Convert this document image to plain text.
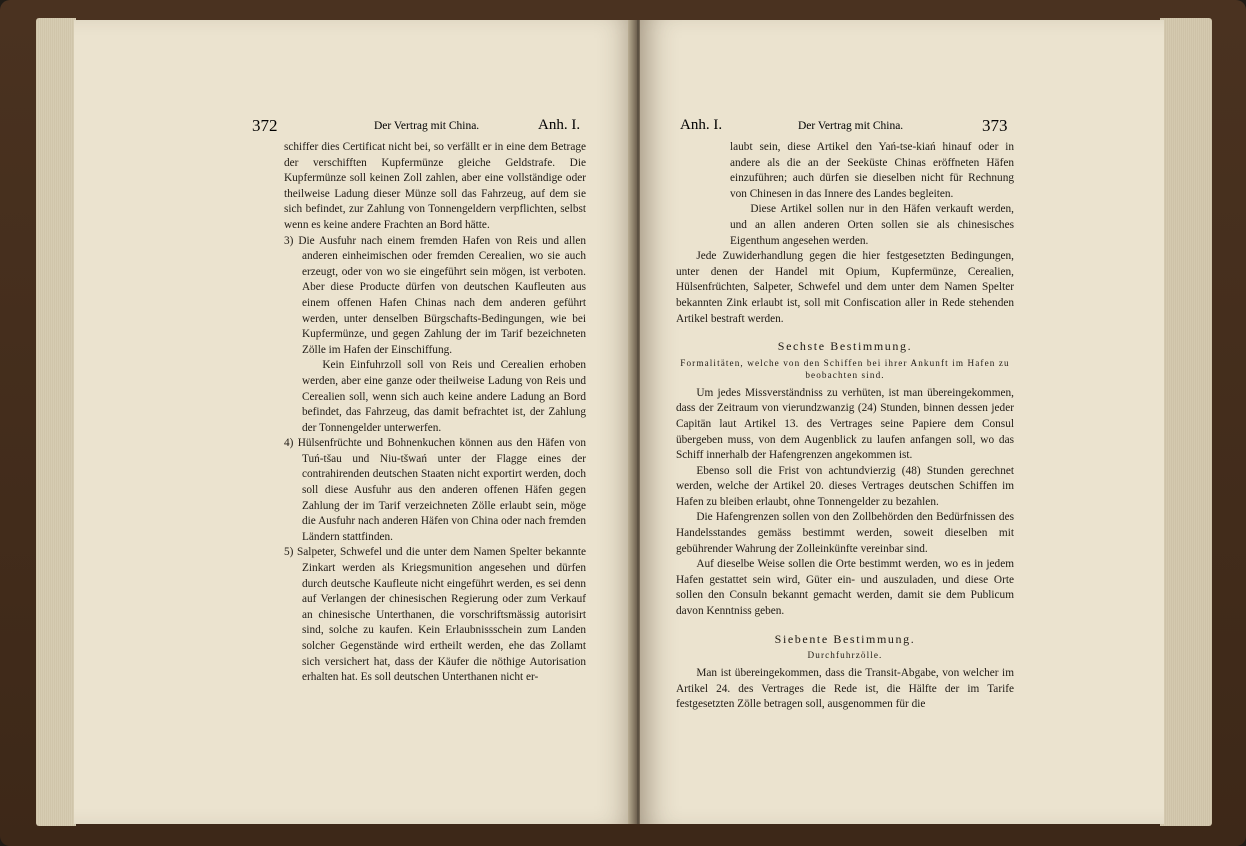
372	Der Vertrag mit China.	Anh. I.

schiffer dies Certificat nicht bei, so verfällt er in eine dem Betrage der verschifften Kupfermünze gleiche Geldstrafe. Die Kupfermünze soll keinen Zoll zahlen, aber eine vollständige oder theilweise Ladung dieser Münze soll das Fahrzeug, auf dem sie sich befindet, zur Zahlung von Tonnengeldern verpflichten, selbst wenn es keine andere Frachten an Bord hätte.

3) Die Ausfuhr nach einem fremden Hafen von Reis und allen anderen einheimischen oder fremden Cerealien, wo sie auch erzeugt, oder von wo sie eingeführt sein mögen, ist verboten. Aber diese Producte dürfen von deutschen Kaufleuten aus einem offenen Hafen Chinas nach dem anderen geführt werden, unter denselben Bürgschafts-Bedingungen, wie bei Kupfermünze, und gegen Zahlung der im Tarif bezeichneten Zölle im Hafen der Einschiffung.

Kein Einfuhrzoll soll von Reis und Cerealien erhoben werden, aber eine ganze oder theilweise Ladung von Reis und Cerealien soll, wenn sich auch keine andere Ladung an Bord befindet, das Fahrzeug, das damit befrachtet ist, der Zahlung der Tonnengelder unterwerfen.

4) Hülsenfrüchte und Bohnenkuchen können aus den Häfen von Tuń-tšau und Niu-tšwań unter der Flagge eines der contrahirenden deutschen Staaten nicht exportirt werden, doch soll diese Ausfuhr aus den anderen offenen Häfen gegen Zahlung der im Tarif verzeichneten Zölle erlaubt sein, möge die Ausfuhr nach anderen Häfen von China oder nach fremden Ländern stattfinden.

5) Salpeter, Schwefel und die unter dem Namen Spelter bekannte Zinkart werden als Kriegsmunition angesehen und dürfen durch deutsche Kaufleute nicht eingeführt werden, es sei denn auf Verlangen der chinesischen Regierung oder zum Verkauf an chinesische Unterthanen, die vorschriftsmässig autorisirt sind, solche zu kaufen. Kein Erlaubnissschein zum Landen solcher Gegenstände wird ertheilt werden, ehe das Zollamt sich versichert hat, dass der Käufer die nöthige Autorisation erhalten hat. Es soll deutschen Unterthanen nicht er-

Anh. I.	Der Vertrag mit China.	373

laubt sein, diese Artikel den Yań-tse-kiań hinauf oder in andere als die an der Seeküste Chinas eröffneten Häfen einzuführen; auch dürfen sie dieselben nicht für Rechnung von Chinesen in das Innere des Landes begleiten.

Diese Artikel sollen nur in den Häfen verkauft werden, und an allen anderen Orten sollen sie als chinesisches Eigenthum angesehen werden.

Jede Zuwiderhandlung gegen die hier festgesetzten Bedingungen, unter denen der Handel mit Opium, Kupfermünze, Cerealien, Hülsenfrüchten, Salpeter, Schwefel und dem unter dem Namen Spelter bekannten Zink erlaubt ist, soll mit Confiscation aller in Rede stehenden Artikel bestraft werden.

Sechste Bestimmung.

Formalitäten, welche von den Schiffen bei ihrer Ankunft im Hafen zu beobachten sind.

Um jedes Missverständniss zu verhüten, ist man übereingekommen, dass der Zeitraum von vierundzwanzig (24) Stunden, binnen dessen jeder Capitän laut Artikel 13. des Vertrages seine Papiere dem Consul übergeben muss, von dem Augenblick zu laufen anfangen soll, wo das Schiff innerhalb der Hafengrenzen angekommen ist.

Ebenso soll die Frist von achtundvierzig (48) Stunden gerechnet werden, welche der Artikel 20. dieses Vertrages deutschen Schiffen im Hafen zu bleiben erlaubt, ohne Tonnengelder zu bezahlen.

Die Hafengrenzen sollen von den Zollbehörden den Bedürfnissen des Handelsstandes gemäss bestimmt werden, soweit dieselben mit gebührender Wahrung der Zolleinkünfte vereinbar sind.

Auf dieselbe Weise sollen die Orte bestimmt werden, wo es in jedem Hafen gestattet sein wird, Güter ein- und auszuladen, und diese Orte sollen den Consuln bekannt gemacht werden, damit sie dem Publicum davon Kenntniss geben.

Siebente Bestimmung.

Durchfuhrzölle.

Man ist übereingekommen, dass die Transit-Abgabe, von welcher im Artikel 24. des Vertrages die Rede ist, die Hälfte der im Tarife festgesetzten Zölle betragen soll, ausgenommen für die
